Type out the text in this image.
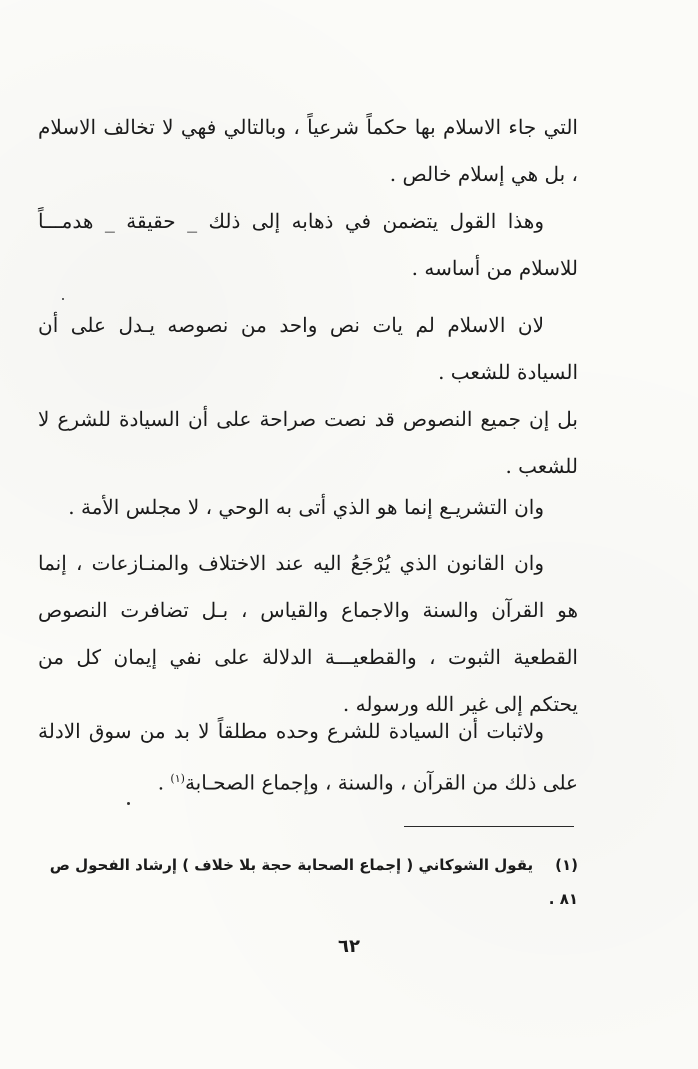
التي جاء الاسلام بها حكماً شرعياً ، وبالتالي فهي لا تخالف الاسلام ، بل هي إسلام خالص .
وهذا القول يتضمن في ذهابه إلى ذلك _ حقيقة _ هدمـــاً للاسلام من أساسه .
لان الاسلام لم يات نص واحد من نصوصه يـدل على أن السيادة للشعب .
بل إن جميع النصوص قد نصت صراحة على أن السيادة للشرع لا للشعب .
وان التشريـع إنما هو الذي أتى به الوحي ، لا مجلس الأمة .
وان القانون الذي يُرْجَعُ اليه عند الاختلاف والمنـازعات ، إنما هو القرآن والسنة والاجماع والقياس ، بـل تضافرت النصوص القطعية الثبوت ، والقطعيـــة الدلالة على نفي إيمان كل من يحتكم إلى غير الله ورسوله .
ولاثبات أن السيادة للشرع وحده مطلقاً لا بد من سوق الادلة على ذلك من القرآن ، والسنة ، وإجماع الصحـابة$^{(١)}$ .
(١)يقول الشوكاني ( إجماع الصحابة حجة بلا خلاف ) إرشاد الفحول ص ٨١ .
٦٢
